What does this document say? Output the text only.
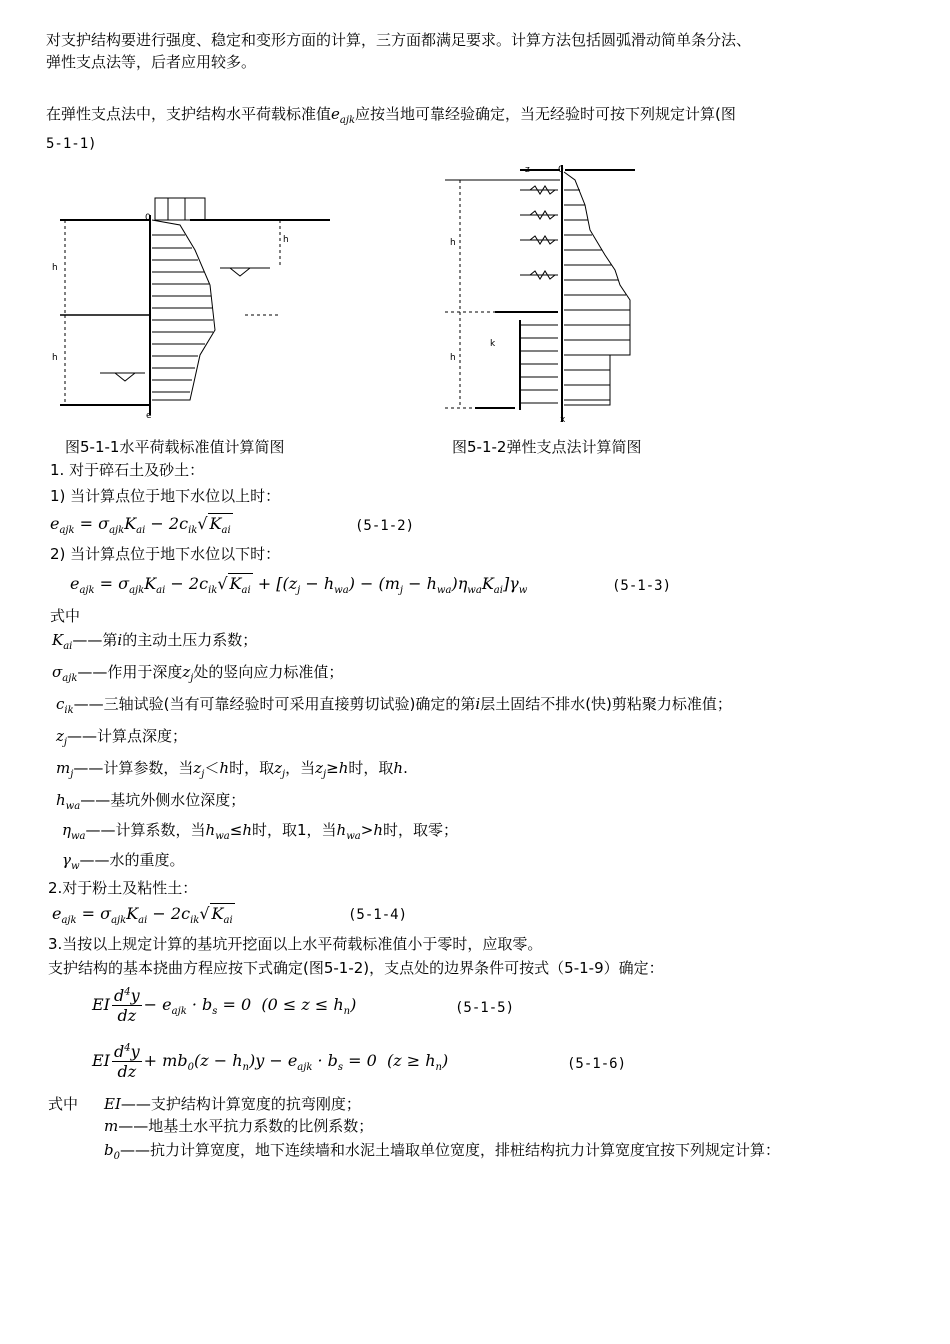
对支护结构要进行强度、稳定和变形方面的计算，三方面都满足要求。计算方法包括圆弧滑动简单条分法、
弹性支点法等，后者应用较多。
在弹性支点法中，支护结构水平荷载标准值$e_{ajk}$应按当地可靠经验确定，当无经验时可按下列规定计算(图
5-1-1)
0
h
h
h
e
图5-1-1水平荷载标准值计算简图
z	0
h
h
k
x
图5-1-2弹性支点法计算简图
1. 对于碎石土及砂土：
1) 当计算点位于地下水位以上时：
$e_{ajk} = \sigma_{ajk}K_{ai} - 2c_{ik}√$ $K_{ai}$	(5-1-2)
2) 当计算点位于地下水位以下时：
$e_{ajk} = \sigma_{ajk}K_{ai} - 2c_{ik}√$ $K_{ai} + [(z_j - h_{wa}) - (m_j - h_{wa})\eta_{wa}K_{ai}]\gamma_w$	(5-1-3)
式中
$K_{ai}——$第i的主动土压力系数；
$\sigma_{ajk}——$作用于深度$z_j$处的竖向应力标准值；
$c_{ik}——$三轴试验(当有可靠经验时可采用直接剪切试验)确定的第i层土固结不排水(快)剪粘聚力标准值；
$z_j——$计算点深度；
$m_j——$计算参数，当$z_j<h$时，取$z_j$，当$z_j\ge h$时，取h.
$h_{wa}——$基坑外侧水位深度；
$\eta_{wa}——$计算系数，当$h_{wa}\le h$时，取1，当$h_{wa}>h$时，取零；
$\gamma_w——$水的重度。
2.对于粉土及粘性土：
$e_{ajk} = \sigma_{ajk}K_{ai} - 2c_{ik}√$ $K_{ai}$	(5-1-4)
3.当按以上规定计算的基坑开挖面以上水平荷载标准值小于零时，应取零。
支护结构的基本挠曲方程应按下式确定(图5-1-2)，支点处的边界条件可按式（5-1-9）确定：
EI $\frac{d^4y}{dz} - e_{ajk} \cdot b_s = 0$  $(0 \le z \le h_n)$	(5-1-5)
EI $\frac{d^4y}{dz} + mb_0(z - h_n)y - e_{ajk} \cdot b_s = 0$  $(z \ge h_n)$	(5-1-6)
式中 EI——支护结构计算宽度的抗弯刚度；
m——地基土水平抗力系数的比例系数；
$b_0——$抗力计算宽度，地下连续墙和水泥土墙取单位宽度，排桩结构抗力计算宽度宜按下列规定计算：
